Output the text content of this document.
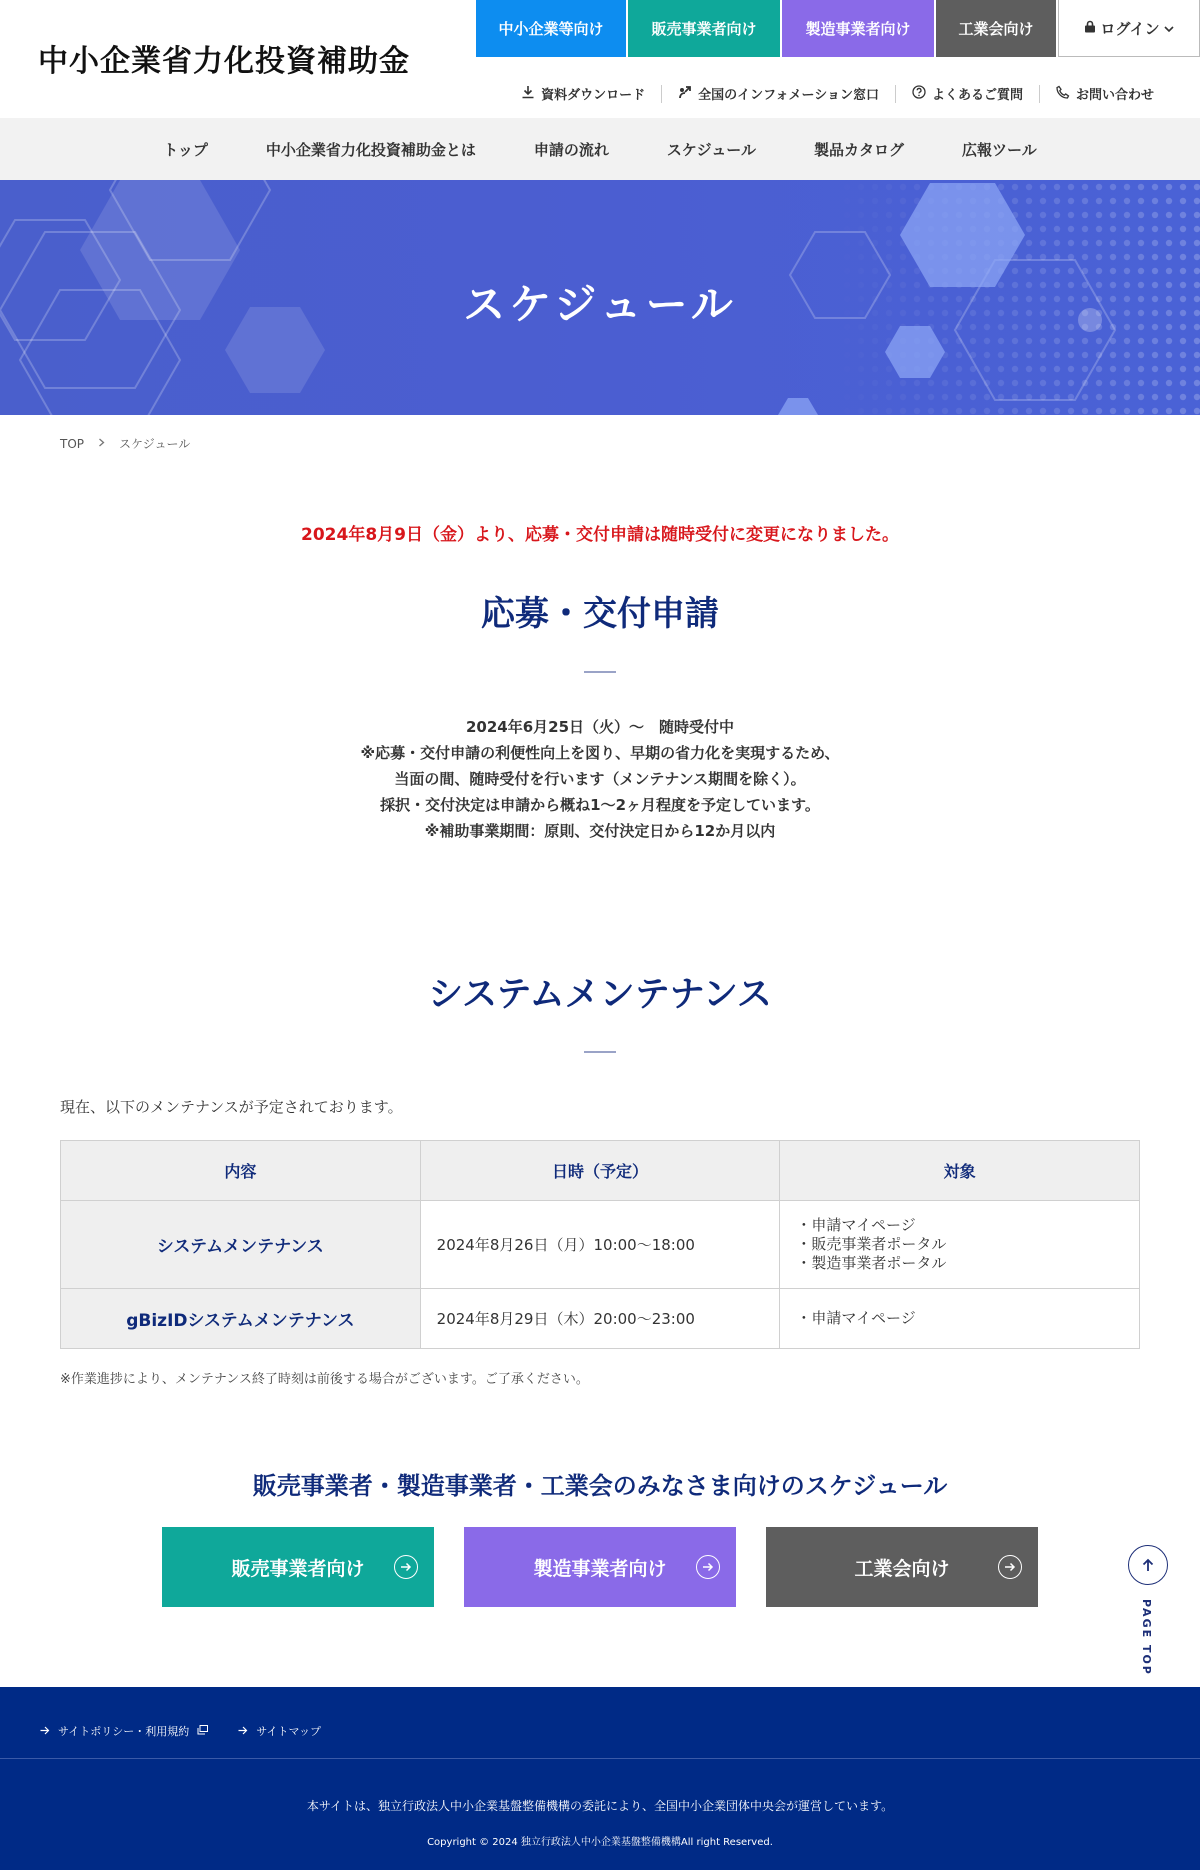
中小企業省力化投資補助金
中小企業等向け	販売事業者向け	製造事業者向け	工業会向け	ログイン
資料ダウンロード	全国のインフォメーション窓口	よくあるご質問	お問い合わせ
トップ	中小企業省力化投資補助金とは	申請の流れ	スケジュール	製品カタログ	広報ツール
スケジュール
TOP	スケジュール
2024年8月9日（金）より、応募・交付申請は随時受付に変更になりました。
応募・交付申請
2024年6月25日（火）〜　随時受付中
※応募・交付申請の利便性向上を図り、早期の省力化を実現するため、
当面の間、随時受付を行います（メンテナンス期間を除く）。
採択・交付決定は申請から概ね1〜2ヶ月程度を予定しています。
※補助事業期間：原則、交付決定日から12か月以内
システムメンテナンス
現在、以下のメンテナンスが予定されております。
内容	日時（予定）	対象
システムメンテナンス	2024年8月26日（月）10:00〜18:00	・申請マイページ
・販売事業者ポータル
・製造事業者ポータル

gBizIDシステムメンテナンス	2024年8月29日（木）20:00〜23:00	・申請マイページ
※作業進捗により、メンテナンス終了時刻は前後する場合がございます。ご了承ください。
販売事業者・製造事業者・工業会のみなさま向けのスケジュール
販売事業者向け	製造事業者向け	工業会向け
PAGE TOP
サイトポリシー・利用規約	サイトマップ
本サイトは、独立行政法人中小企業基盤整備機構の委託により、全国中小企業団体中央会が運営しています。
Copyright © 2024 独立行政法人中小企業基盤整備機構All right Reserved.
